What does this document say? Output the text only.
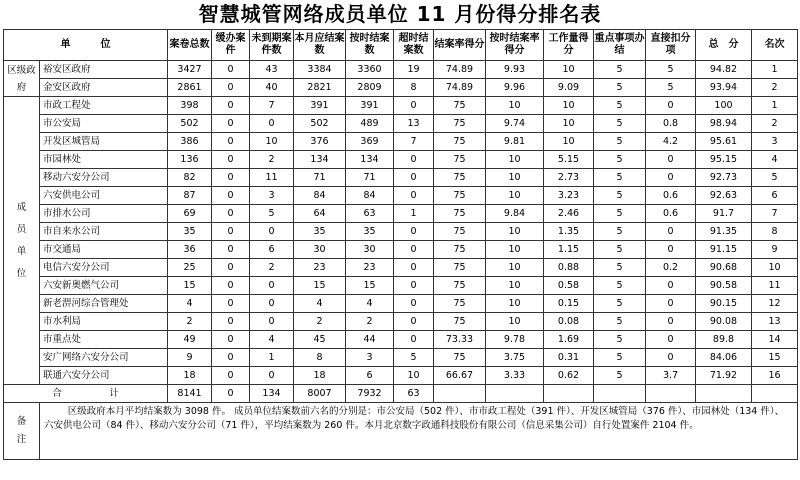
智慧城管网络成员单位 11 月份得分排名表
单　　　位		案卷总数	缓办案件	未到期案件数	本月应结案数	按时结案数	超时结案数	结案率得分	按时结案率得分	工作量得分	重点事项办结	直接扣分项	总　分	名次
区级政府	裕安区政府	3427	0	43	3384	3360	19	74.89	9.93	10	5	5	94.82	1
	金安区政府	2861	0	40	2821	2809	8	74.89	9.96	9.09	5	5	93.94	2
成员单位	市政工程处	398	0	7	391	391	0	75	10	10	5	0	100	1
	市公安局	502	0	0	502	489	13	75	9.74	10	5	0.8	98.94	2
	开发区城管局	386	0	10	376	369	7	75	9.81	10	5	4.2	95.61	3
	市园林处	136	0	2	134	134	0	75	10	5.15	5	0	95.15	4
	移动六安分公司	82	0	11	71	71	0	75	10	2.73	5	0	92.73	5
	六安供电公司	87	0	3	84	84	0	75	10	3.23	5	0.6	92.63	6
	市排水公司	69	0	5	64	63	1	75	9.84	2.46	5	0.6	91.7	7
	市自来水公司	35	0	0	35	35	0	75	10	1.35	5	0	91.35	8
	市交通局	36	0	6	30	30	0	75	10	1.15	5	0	91.15	9
	电信六安分公司	25	0	2	23	23	0	75	10	0.88	5	0.2	90.68	10
	六安新奥燃气公司	15	0	0	15	15	0	75	10	0.58	5	0	90.58	11
	新老淠河综合管理处	4	0	0	4	4	0	75	10	0.15	5	0	90.15	12
	市水利局	2	0	0	2	2	0	75	10	0.08	5	0	90.08	13
	市重点处	49	0	4	45	44	0	73.33	9.78	1.69	5	0	89.8	14
	安广网络六安分公司	9	0	1	8	3	5	75	3.75	0.31	5	0	84.06	15
	联通六安分公司	18	0	0	18	6	10	66.67	3.33	0.62	5	3.7	71.92	16
合　　　　　计		8141	0	134	8007	7932	63							
备注	区级政府本月平均结案数为 3098 件。 成员单位结案数前六名的分别是：市公安局（502 件）、市市政工程处（391 件）、开发区城管局（376 件）、市园林处（134 件）、六安供电公司（84 件）、移动六安分公司（71 件），平均结案数为 260 件。本月北京数字政通科技股份有限公司（信息采集公司）自行处置案件 2104 件。													
